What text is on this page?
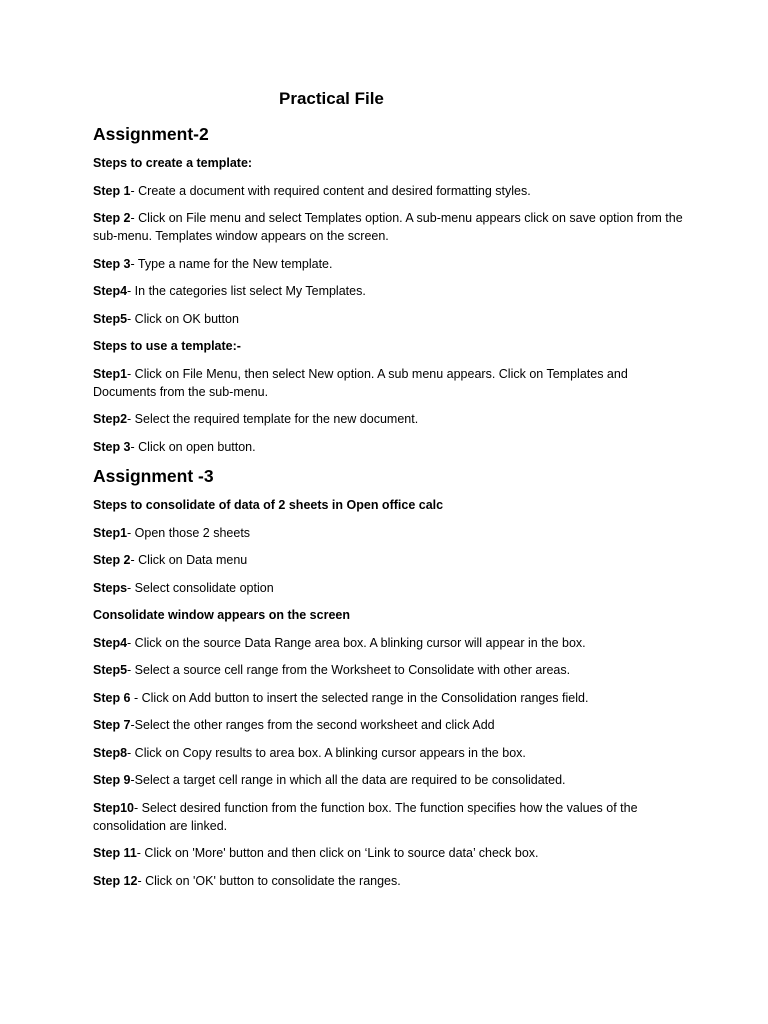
Practical File
Assignment-2

Steps to create a template:

Step 1- Create a document with required content and desired formatting styles.

Step 2- Click on File menu and select Templates option. A sub-menu appears click on save option from the sub-menu. Templates window appears on the screen.

Step 3- Type a name for the New template.

Step4- In the categories list select My Templates.

Step5- Click on OK button

Steps to use a template:-

Step1- Click on File Menu, then select New option. A sub menu appears. Click on Templates and Documents from the sub-menu.

Step2- Select the required template for the new document.

Step 3- Click on open button.

Assignment -3

Steps to consolidate of data of 2 sheets in Open office calc

Step1- Open those 2 sheets

Step 2- Click on Data menu

Steps- Select consolidate option

Consolidate window appears on the screen

Step4- Click on the source Data Range area box. A blinking cursor will appear in the box.

Step5- Select a source cell range from the Worksheet to Consolidate with other areas.

Step 6 - Click on Add button to insert the selected range in the Consolidation ranges field.

Step 7-Select the other ranges from the second worksheet and click Add

Step8- Click on Copy results to area box. A blinking cursor appears in the box.

Step 9-Select a target cell range in which all the data are required to be consolidated.

Step10- Select desired function from the function box. The function specifies how the values of the consolidation are linked.

Step 11- Click on 'More' button and then click on ‘Link to source data’ check box.

Step 12- Click on 'OK' button to consolidate the ranges.
